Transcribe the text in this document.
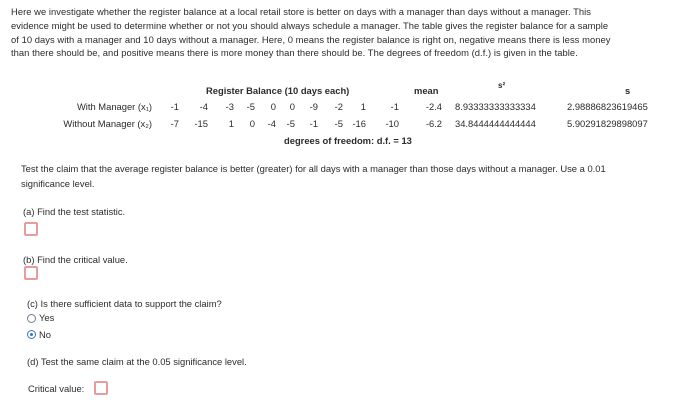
Here we investigate whether the register balance at a local retail store is better on days with a manager than days without a manager. This
evidence might be used to determine whether or not you should always schedule a manager. The table gives the register balance for a sample
of 10 days with a manager and 10 days without a manager. Here, 0 means the register balance is right on, negative means there is less money
than there should be, and positive means there is more money than there should be. The degrees of freedom (d.f.) is given in the table.
Register Balance (10 days each)	mean	s²	s
With Manager (x₁)	-1	-4	-3	-5	0	0	-9	-2	1	-1	-2.4 8.93333333333334	2.98886823619465
Without Manager (x₂)	-7 -15	1	0	-4	-5	-1	-5 -16 -10	-6.2 34.8444444444444	5.90291829898097
degrees of freedom: d.f. = 13
Test the claim that the average register balance is better (greater) for all days with a manager than those days without a manager. Use a 0.01
significance level.
(a) Find the test statistic.
(b) Find the critical value.
(c) Is there sufficient data to support the claim?
Yes
No
(d) Test the same claim at the 0.05 significance level.
Critical value:
